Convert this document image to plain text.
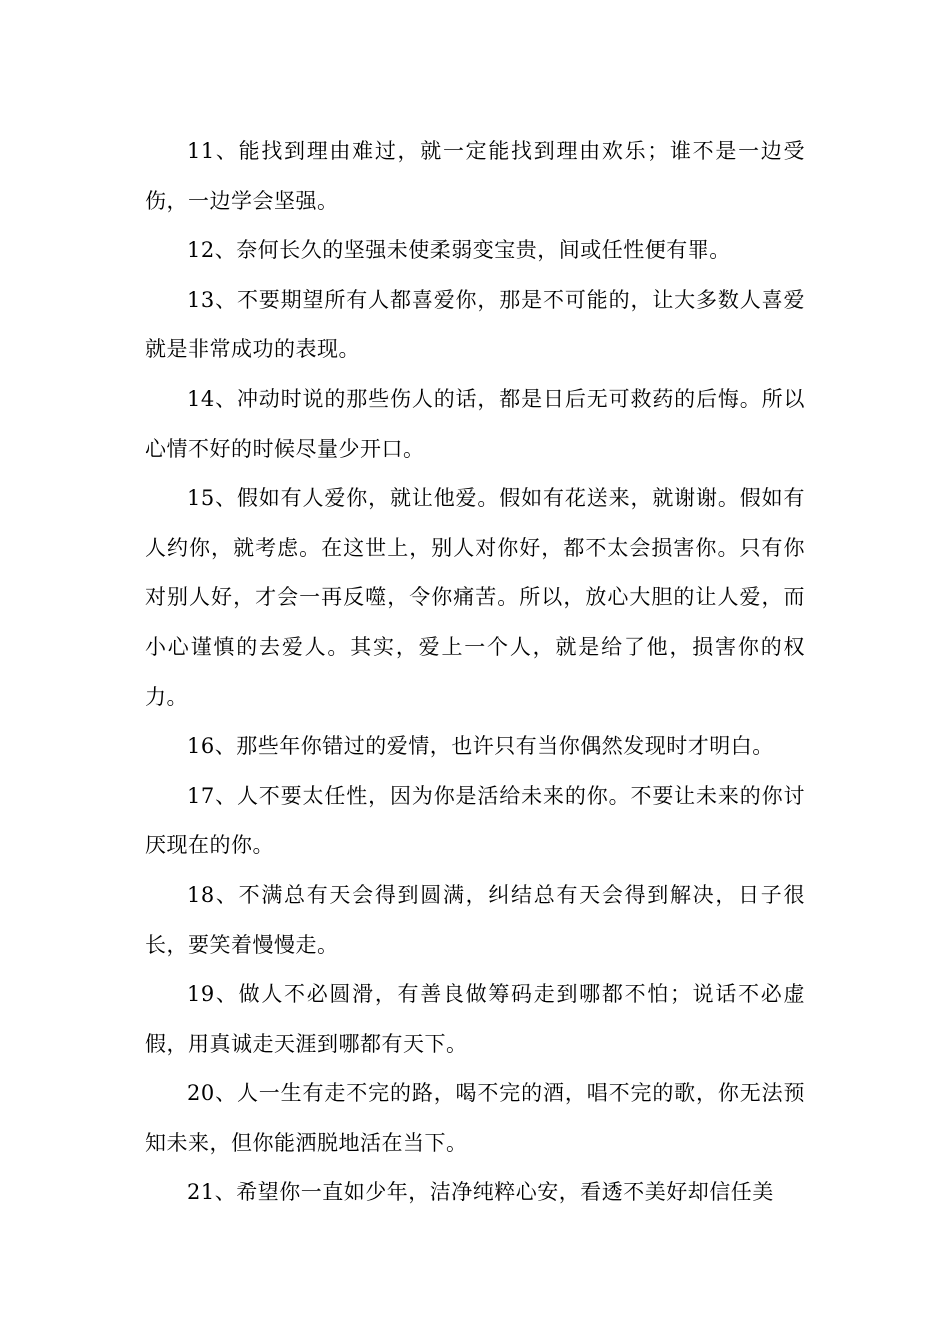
11、能找到理由难过，就一定能找到理由欢乐；谁不是一边受伤，一边学会坚强。

12、奈何长久的坚强未使柔弱变宝贵，间或任性便有罪。

13、不要期望所有人都喜爱你，那是不可能的，让大多数人喜爱就是非常成功的表现。

14、冲动时说的那些伤人的话，都是日后无可救药的后悔。所以心情不好的时候尽量少开口。

15、假如有人爱你，就让他爱。假如有花送来，就谢谢。假如有人约你，就考虑。在这世上，别人对你好，都不太会损害你。只有你对别人好，才会一再反噬，令你痛苦。所以，放心大胆的让人爱，而小心谨慎的去爱人。其实，爱上一个人，就是给了他，损害你的权力。

16、那些年你错过的爱情，也许只有当你偶然发现时才明白。

17、人不要太任性，因为你是活给未来的你。不要让未来的你讨厌现在的你。

18、不满总有天会得到圆满，纠结总有天会得到解决，日子很长，要笑着慢慢走。

19、做人不必圆滑，有善良做筹码走到哪都不怕；说话不必虚假，用真诚走天涯到哪都有天下。

20、人一生有走不完的路，喝不完的酒，唱不完的歌，你无法预知未来，但你能洒脱地活在当下。

21、希望你一直如少年，洁净纯粹心安，看透不美好却信任美
